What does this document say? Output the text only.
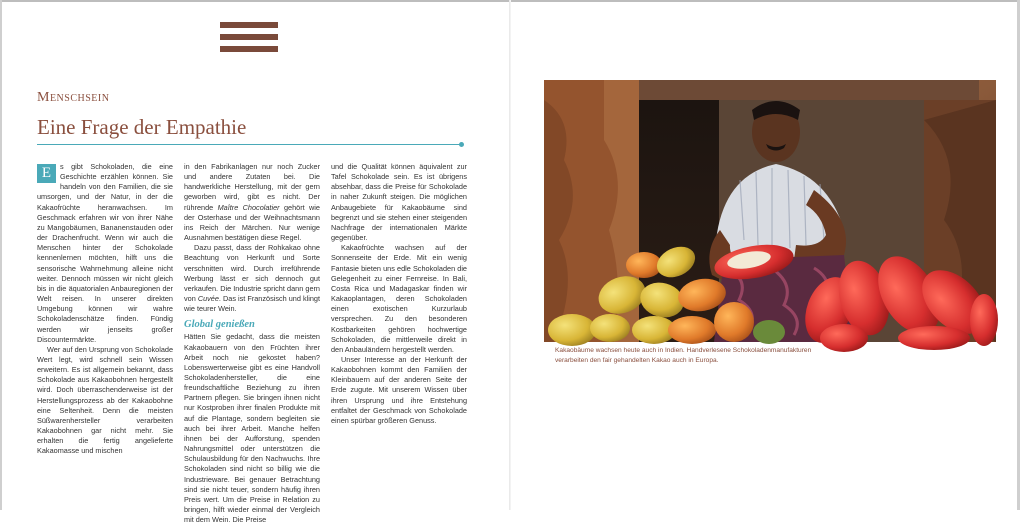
Menschsein
Eine Frage der Empathie

E	s gibt Schokoladen, die eine Geschichte erzählen können. Sie handeln von den Familien, die sie umsorgen, und der Natur, in der die Kakaofrüchte heranwachsen. Im Geschmack erfahren wir von ihrer Nähe zu Mangobäumen, Bananenstauden oder der Drachenfrucht. Wenn wir auch die Menschen hinter der Schokolade kennenlernen möchten, hilft uns die sensorische Wahrnehmung alleine nicht weiter. Dennoch müssen wir nicht gleich bis in die äquatorialen Anbauregionen der Welt reisen. In unserer direkten Umgebung können wir wahre Schokoladenschätze finden. Fündig werden wir jenseits großer Discountermärkte.

Wer auf den Ursprung von Schokolade Wert legt, wird schnell sein Wissen erweitern. Es ist allgemein bekannt, dass Schokolade aus Kakaobohnen hergestellt wird. Doch überraschenderweise ist der Herstellungsprozess ab der Kakaobohne eine Seltenheit. Denn die meisten Süßwarenhersteller verarbeiten Kakaobohnen gar nicht mehr. Sie erhalten die fertig angelieferte Kakaomasse und mischen

in den Fabrikanlagen nur noch Zucker und andere Zutaten bei. Die handwerkliche Herstellung, mit der gern geworben wird, gibt es nicht. Der rührende Maître Chocolatier gehört wie der Osterhase und der Weihnachtsmann ins Reich der Märchen. Nur wenige Ausnahmen bestätigen diese Regel.

Dazu passt, dass der Rohkakao ohne Beachtung von Herkunft und Sorte verschnitten wird. Durch irreführende Werbung lässt er sich dennoch gut verkaufen. Die Industrie spricht dann gern von Cuvée. Das ist Französisch und klingt wie teurer Wein.

Global genießen

Hätten Sie gedacht, dass die meisten Kakaobauern von den Früchten ihrer Arbeit noch nie gekostet haben? Lobenswerterweise gibt es eine Handvoll Schokoladenhersteller, die eine freundschaftliche Beziehung zu ihren Partnern pflegen. Sie bringen ihnen nicht nur Kostproben ihrer finalen Produkte mit auf die Plantage, sondern begleiten sie auch bei ihrer Arbeit. Manche helfen ihnen bei der Aufforstung, spenden Nahrungsmittel oder unterstützen die Schulausbildung für den Nachwuchs. Ihre Schokoladen sind nicht so billig wie die Industrieware. Bei genauer Betrachtung sind sie nicht teuer, sondern häufig ihren Preis wert. Um die Preise in Relation zu bringen, hilft wieder einmal der Vergleich mit dem Wein. Die Preise

und die Qualität können äquivalent zur Tafel Schokolade sein. Es ist übrigens absehbar, dass die Preise für Schokolade in naher Zukunft steigen. Die möglichen Anbaugebiete für Kakaobäume sind begrenzt und sie stehen einer steigenden Nachfrage der internationalen Märkte gegenüber.

Kakaofrüchte wachsen auf der Sonnenseite der Erde. Mit ein wenig Fantasie bieten uns edle Schokoladen die Gelegenheit zu einer Fernreise. In Bali, Costa Rica und Madagaskar finden wir Kakaoplantagen, deren Schokoladen einen exotischen Kurzurlaub versprechen. Zu den besonderen Kostbarkeiten gehören hochwertige Schokoladen, die mittlerweile direkt in den Anbauländern hergestellt werden.

Unser Interesse an der Herkunft der Kakaobohnen kommt den Familien der Kleinbauern auf der anderen Seite der Erde zugute. Mit unserem Wissen über ihren Ursprung und ihre Entstehung entfaltet der Geschmack von Schokolade einen spürbar größeren Genuss.

Kakaobäume wachsen heute auch in Indien. Handverlesene Schokoladenmanufakturen
verarbeiten den fair gehandelten Kakao auch in Europa.
